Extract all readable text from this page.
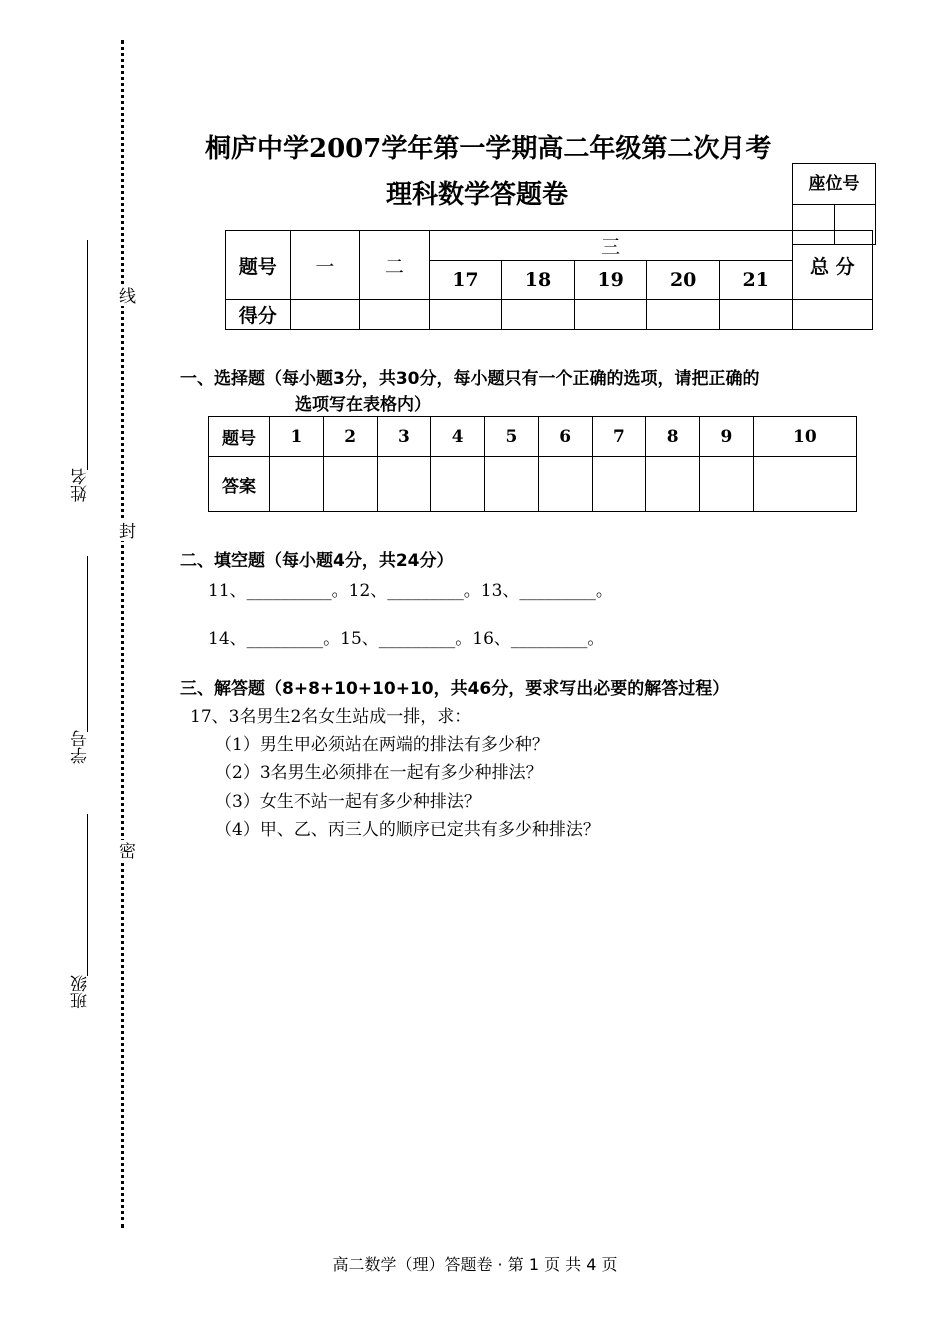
姓名
学号
班级
线
封
密
桐庐中学2007学年第一学期高二年级第二次月考
理科数学答题卷	座位号
题号	一	二	三					总 分
			17	18	19	20	21	
得分								
一、选择题（每小题3分，共30分，每小题只有一个正确的选项，请把正确的
选项写在表格内）
题号	1	2	3	4	5	6	7	8	9	10
答案										
二、填空题（每小题4分，共24分）
11、__________。12、_________。13、_________。
14、_________。15、_________。16、_________。
三、解答题（8+8+10+10+10，共46分，要求写出必要的解答过程）
17、3名男生2名女生站成一排，求：
（1）男生甲必须站在两端的排法有多少种？
（2）3名男生必须排在一起有多少种排法？
（3）女生不站一起有多少种排法？
（4）甲、乙、丙三人的顺序已定共有多少种排法？
高二数学（理）答题卷 · 第 1 页 共 4 页
